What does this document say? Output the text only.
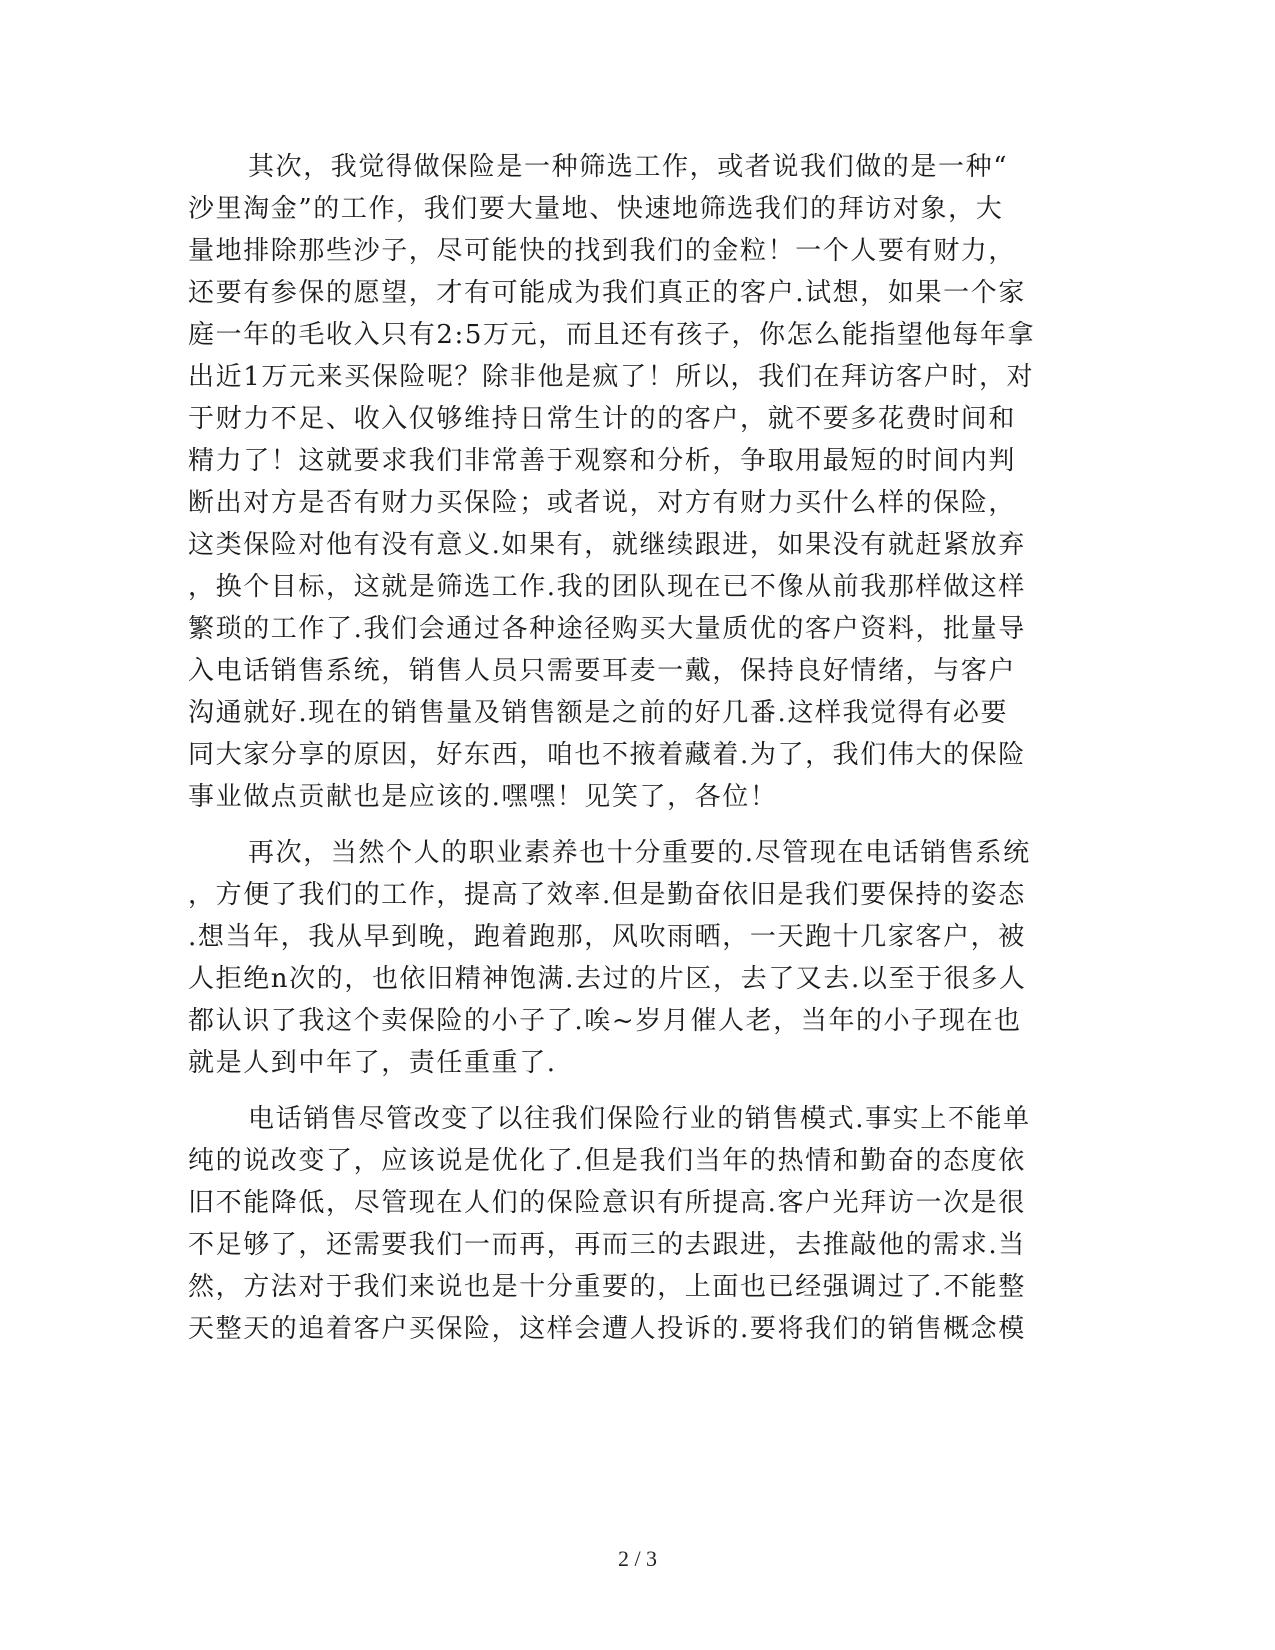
其次，我觉得做保险是一种筛选工作，或者说我们做的是一种“
沙里淘金”的工作，我们要大量地、快速地筛选我们的拜访对象，大
量地排除那些沙子，尽可能快的找到我们的金粒！一个人要有财力，
还要有参保的愿望，才有可能成为我们真正的客户.试想，如果一个家
庭一年的毛收入只有2:5万元，而且还有孩子，你怎么能指望他每年拿
出近1万元来买保险呢？除非他是疯了！所以，我们在拜访客户时，对
于财力不足、收入仅够维持日常生计的的客户，就不要多花费时间和
精力了！这就要求我们非常善于观察和分析，争取用最短的时间内判
断出对方是否有财力买保险；或者说，对方有财力买什么样的保险，
这类保险对他有没有意义.如果有，就继续跟进，如果没有就赶紧放弃
，换个目标，这就是筛选工作.我的团队现在已不像从前我那样做这样
繁琐的工作了.我们会通过各种途径购买大量质优的客户资料，批量导
入电话销售系统，销售人员只需要耳麦一戴，保持良好情绪，与客户
沟通就好.现在的销售量及销售额是之前的好几番.这样我觉得有必要
同大家分享的原因，好东西，咱也不掖着藏着.为了，我们伟大的保险
事业做点贡献也是应该的.嘿嘿！见笑了，各位！
再次，当然个人的职业素养也十分重要的.尽管现在电话销售系统
，方便了我们的工作，提高了效率.但是勤奋依旧是我们要保持的姿态
.想当年，我从早到晚，跑着跑那，风吹雨晒，一天跑十几家客户，被
人拒绝n次的，也依旧精神饱满.去过的片区，去了又去.以至于很多人
都认识了我这个卖保险的小子了.唉~岁月催人老，当年的小子现在也
就是人到中年了，责任重重了.
电话销售尽管改变了以往我们保险行业的销售模式.事实上不能单
纯的说改变了，应该说是优化了.但是我们当年的热情和勤奋的态度依
旧不能降低，尽管现在人们的保险意识有所提高.客户光拜访一次是很
不足够了，还需要我们一而再，再而三的去跟进，去推敲他的需求.当
然，方法对于我们来说也是十分重要的，上面也已经强调过了.不能整
天整天的追着客户买保险，这样会遭人投诉的.要将我们的销售概念模
2 / 3
